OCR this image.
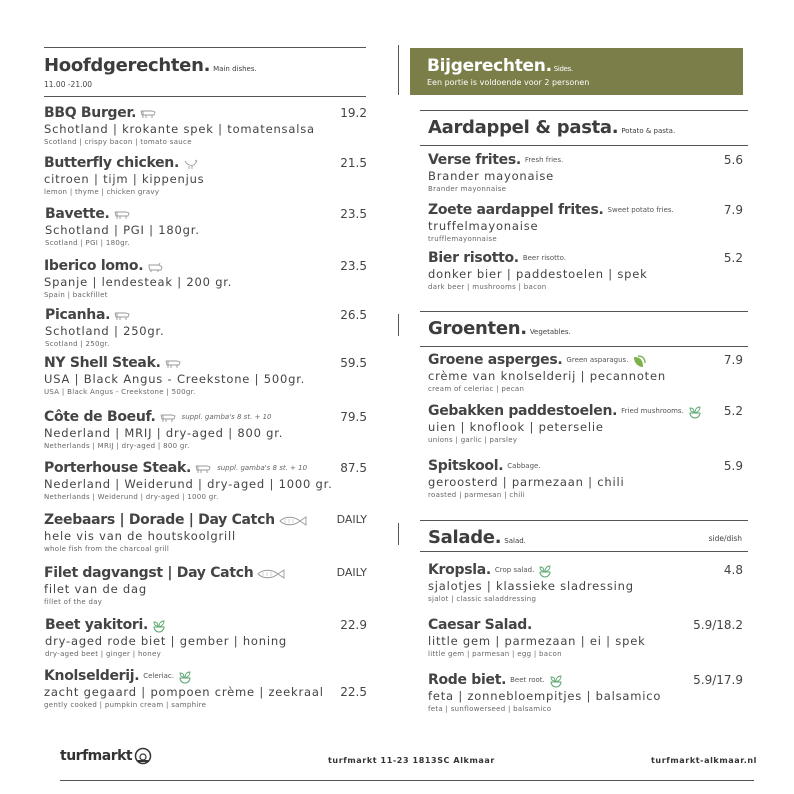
Hoofdgerechten. Main dishes.
11.00 -21.00
BBQ Burger.
Schotland | krokante spek | tomatensalsa
Scotland | crispy bacon | tomato sauce
19.2
Butterfly chicken.
citroen | tijm | kippenjus
lemon | thyme | chicken gravy
21.5
Bavette.
Schotland | PGI | 180gr.
Scotland | PGI | 180gr.
23.5
Iberico lomo.
Spanje | lendesteak | 200 gr.
Spain | backfillet
23.5
Picanha.
Schotland | 250gr.
Scotland | 250gr.
26.5
NY Shell Steak.
USA | Black Angus - Creekstone | 500gr.
USA | Black Angus - Creekstone | 500gr.
59.5
Côte de Boeuf.	suppl. gamba's 8 st. + 10
Nederland | MRIJ | dry-aged | 800 gr.
Netherlands | MRIJ | dry-aged | 800 gr.
79.5
Porterhouse Steak.	suppl. gamba's 8 st. + 10
Nederland | Weiderund | dry-aged | 1000 gr.
Netherlands | Weiderund | dry-aged | 1000 gr.
87.5
Zeebaars | Dorade | Day Catch
hele vis van de houtskoolgrill
whole fish from the charcoal grill
DAILY
Filet dagvangst | Day Catch
filet van de dag
fillet of the day
DAILY
Beet yakitori.
dry-aged rode biet | gember | honing
dry-aged beet | ginger | honey
22.9
Knolselderij. Celeriac.
zacht gegaard | pompoen crème | zeekraal
gently cooked | pumpkin cream | samphire
22.5
Bijgerechten. Sides.
Een portie is voldoende voor 2 personen
Aardappel & pasta. Potato & pasta.
Verse frites. Fresh fries.
Brander mayonaise
Brander mayonnaise
5.6
Zoete aardappel frites. Sweet potato fries.
truffelmayonaise
trufflemayonnaise
7.9
Bier risotto. Beer risotto.
donker bier | paddestoelen | spek
dark beer | mushrooms | bacon
5.2
Groenten. Vegetables.
Groene asperges. Green asparagus.
crème van knolselderij | pecannoten
cream of celeriac | pecan
7.9
Gebakken paddestoelen. Fried mushrooms.
uien | knoflook | peterselie
unions | garlic | parsley
5.2
Spitskool. Cabbage.
geroosterd | parmezaan | chili
roasted | parmesan | chili
5.9
Salade. Salad.	side/dish
Kropsla. Crop salad.
sjalotjes | klassieke sladressing
sjalot | classic saladdressing
4.8
Caesar Salad.
little gem | parmezaan | ei | spek
little gem | parmesan | egg | bacon
5.9/18.2
Rode biet. Beet root.
feta | zonnebloempitjes | balsamico
feta | sunflowerseed | balsamico
5.9/17.9
turfmarkt	turfmarkt 11-23 1813SC Alkmaar	turfmarkt-alkmaar.nl
